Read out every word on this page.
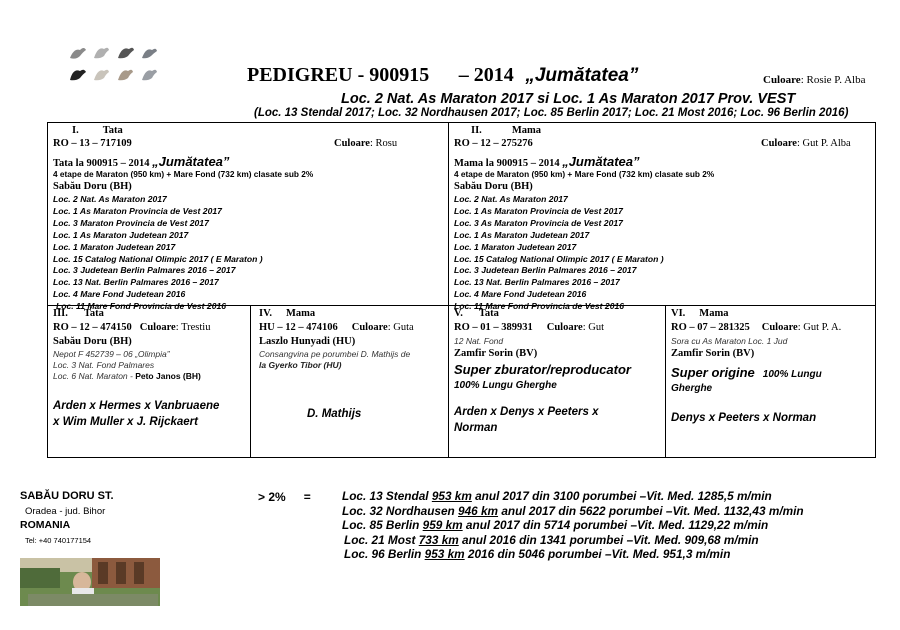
PEDIGREU - 900915 – 2014 „Jumătatea”	Culoare: Rosie P. Alba
Loc. 2 Nat. As Maraton 2017 si Loc. 1 As Maraton 2017 Prov. VEST
(Loc. 13 Stendal 2017; Loc. 32 Nordhausen 2017; Loc. 85 Berlin 2017; Loc. 21 Most 2016; Loc. 96 Berlin 2016)
I. Tata
RO – 13 – 717109	Culoare: Rosu
Tata la 900915 – 2014 „Jumătatea”
4 etape de Maraton (950 km) + Mare Fond (732 km) clasate sub 2%
Sabău Doru (BH)
Loc. 2 Nat. As Maraton 2017
Loc. 1 As Maraton Provincia de Vest 2017
Loc. 3 Maraton Provincia de Vest 2017
Loc. 1 As Maraton Judetean 2017
Loc. 1 Maraton Judetean 2017
Loc. 15 Catalog National Olimpic 2017 ( E Maraton )
Loc. 3 Judetean Berlin Palmares 2016 – 2017
Loc. 13 Nat. Berlin Palmares 2016 – 2017
Loc. 4 Mare Fond Judetean 2016
Loc. 11 Mare Fond Provincia de Vest 2016
II.	Mama
RO – 12 – 275276	Culoare: Gut P. Alba
Mama la 900915 – 2014 „Jumătatea”
4 etape de Maraton (950 km) + Mare Fond (732 km) clasate sub 2%
Sabău Doru (BH)
Loc. 2 Nat. As Maraton 2017
Loc. 1 As Maraton Provincia de Vest 2017
Loc. 3 As Maraton Provincia de Vest 2017
Loc. 1 As Maraton Judetean 2017
Loc. 1 Maraton Judetean 2017
Loc. 15 Catalog National Olimpic 2017 ( E Maraton )
Loc. 3 Judetean Berlin Palmares 2016 – 2017
Loc. 13 Nat. Berlin Palmares 2016 – 2017
Loc. 4 Mare Fond Judetean 2016
Loc. 11 Mare Fond Provincia de Vest 2016
III. Tata
RO – 12 – 474150 Culoare: Trestiu
Sabău Doru (BH)
Nepot F 452739 – 06 „Olimpia”
Loc. 3 Nat. Fond Palmares
Loc. 6 Nat. Maraton - Peto Janos (BH)
Arden x Hermes x Vanbruaene
x Wim Muller x J. Rijckaert
IV. Mama
HU – 12 – 474106 Culoare: Guta
Laszlo Hunyadi (HU)
Consangvina pe porumbei D. Mathijs de
la Gyerko Tibor (HU)
D. Mathijs
V. Tata
RO – 01 – 389931 Culoare: Gut
12 Nat. Fond
Zamfir Sorin (BV)
Super zburator/reproducator
100% Lungu Gherghe
Arden x Denys x Peeters x
Norman
VI. Mama
RO – 07 – 281325 Culoare: Gut P. A.
Sora cu As Maraton Loc. 1 Jud
Zamfir Sorin (BV)
Super origine 100% Lungu
Gherghe
Denys x Peeters x Norman
SABĂU DORU ST.
Oradea - jud. Bihor
ROMANIA
Tel: +40 740177154
> 2% =	Loc. 13 Stendal 953 km anul 2017 din 3100 porumbei –Vit. Med. 1285,5 m/min
Loc. 32 Nordhausen 946 km anul 2017 din 5622 porumbei –Vit. Med. 1132,43 m/min
Loc. 85 Berlin 959 km anul 2017 din 5714 porumbei –Vit. Med. 1129,22 m/min
Loc. 21 Most 733 km anul 2016 din 1341 porumbei –Vit. Med. 909,68 m/min
Loc. 96 Berlin 953 km 2016 din 5046 porumbei –Vit. Med. 951,3 m/min
